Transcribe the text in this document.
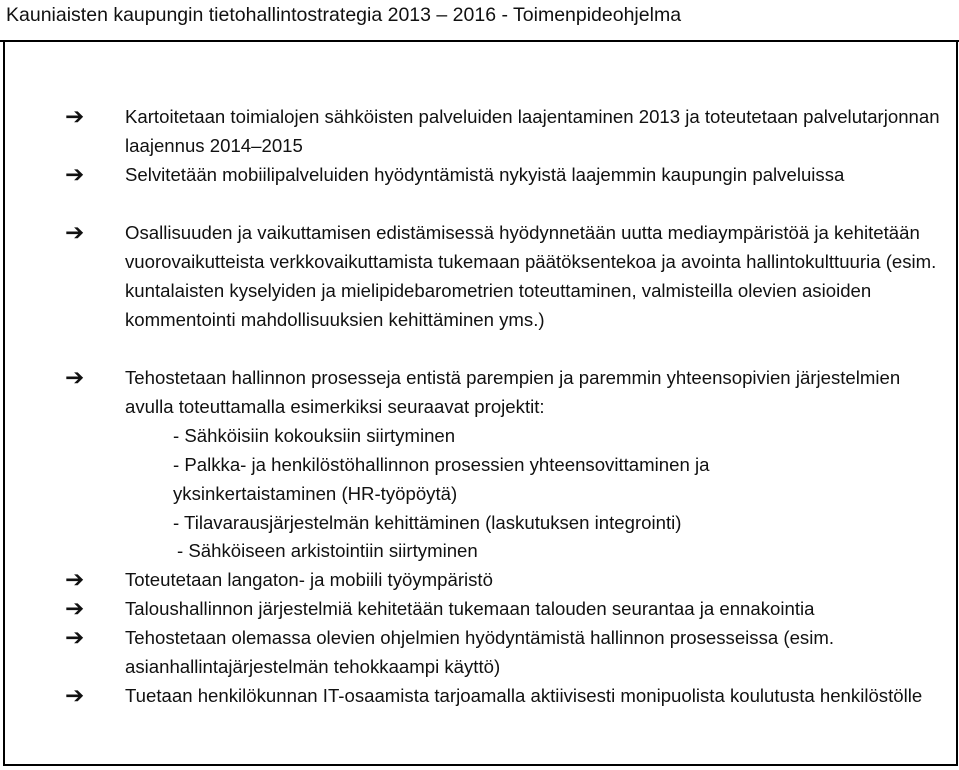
Kauniaisten kaupungin tietohallintostrategia 2013 – 2016 - Toimenpideohjelma
➔ Kartoitetaan toimialojen sähköisten palveluiden laajentaminen 2013 ja toteutetaan palvelutarjonnan laajennus 2014–2015
➔ Selvitetään mobiilipalveluiden hyödyntämistä nykyistä laajemmin kaupungin palveluissa
➔ Osallisuuden ja vaikuttamisen edistämisessä hyödynnetään uutta mediaympäristöä ja kehitetään vuorovaikutteista verkkovaikuttamista tukemaan päätöksentekoa ja avointa hallintokulttuuria (esim. kuntalaisten kyselyiden ja mielipidebarometrien toteuttaminen, valmisteilla olevien asioiden kommentointi mahdollisuuksien kehittäminen yms.)
➔ Tehostetaan hallinnon prosesseja entistä parempien ja paremmin yhteensopivien järjestelmien avulla toteuttamalla esimerkiksi seuraavat projektit:
- Sähköisiin kokouksiin siirtyminen
- Palkka- ja henkilöstöhallinnon prosessien yhteensovittaminen ja
yksinkertaistaminen (HR-työpöytä)
- Tilavarausjärjestelmän kehittäminen (laskutuksen integrointi)
- Sähköiseen arkistointiin siirtyminen
➔ Toteutetaan langaton- ja mobiili työympäristö
➔ Taloushallinnon järjestelmiä kehitetään tukemaan talouden seurantaa ja ennakointia
➔ Tehostetaan olemassa olevien ohjelmien hyödyntämistä hallinnon prosesseissa (esim. asianhallintajärjestelmän tehokkaampi käyttö)
➔ Tuetaan henkilökunnan IT-osaamista tarjoamalla aktiivisesti monipuolista koulutusta henkilöstölle
